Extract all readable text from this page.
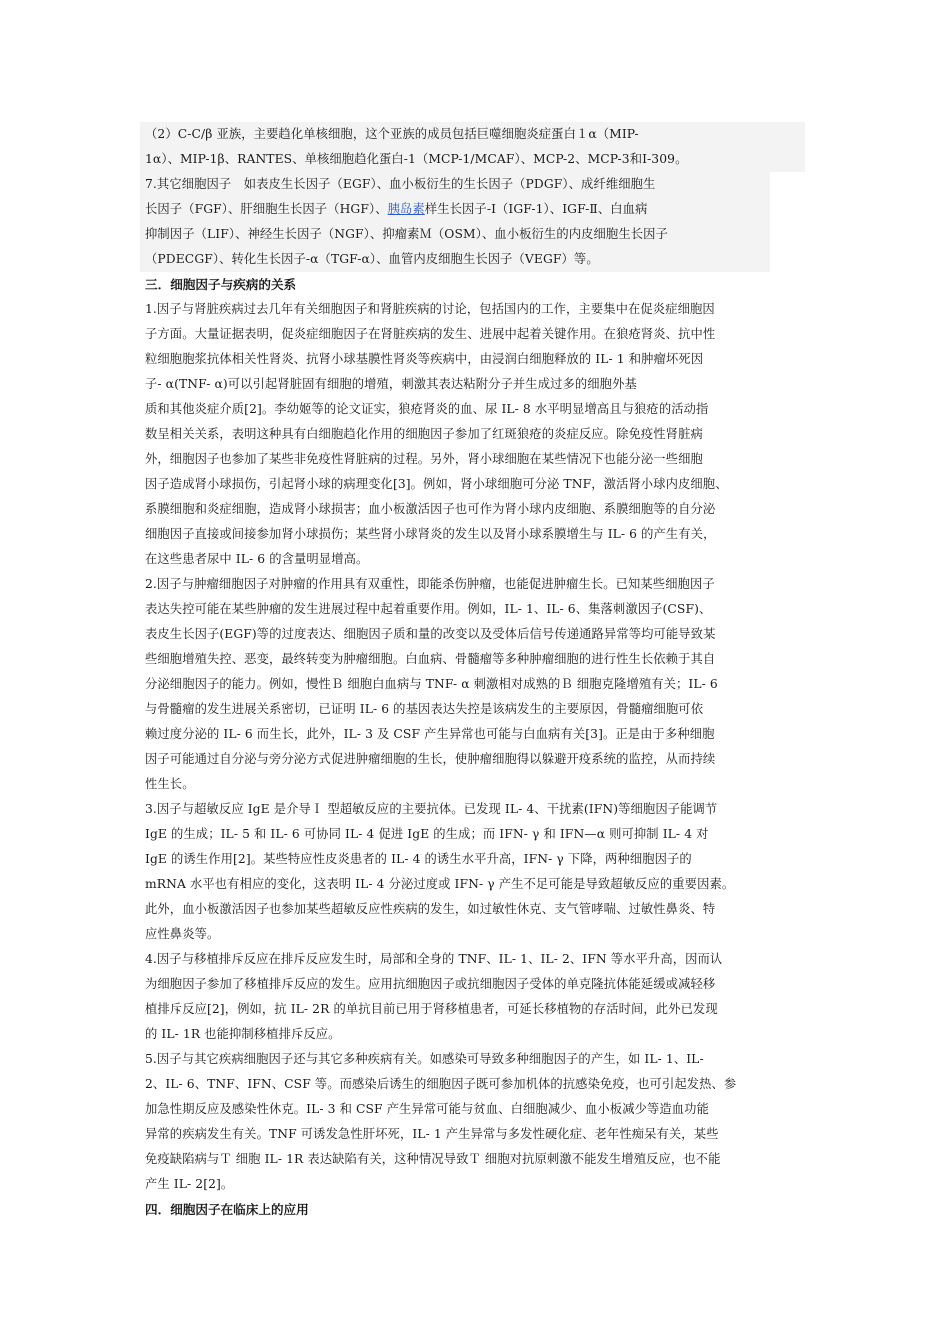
（2）C-C/β 亚族，主要趋化单核细胞，这个亚族的成员包括巨噬细胞炎症蛋白１α（MIP-
1α）、MIP-1β、RANTES、单核细胞趋化蛋白-1（MCP-1/MCAF）、MCP-2、MCP-3和I-309。
7.其它细胞因子　如表皮生长因子（EGF）、血小板衍生的生长因子（PDGF）、成纤维细胞生
长因子（FGF）、肝细胞生长因子（HGF）、胰岛素样生长因子-I（IGF-1）、IGF-Ⅱ、白血病
抑制因子（LIF）、神经生长因子（NGF）、抑瘤素Ｍ（OSM）、血小板衍生的内皮细胞生长因子
（PDECGF）、转化生长因子-α（TGF-α）、血管内皮细胞生长因子（VEGF）等。
三．细胞因子与疾病的关系
1.因子与肾脏疾病过去几年有关细胞因子和肾脏疾病的讨论，包括国内的工作，主要集中在促炎症细胞因
子方面。大量证据表明，促炎症细胞因子在肾脏疾病的发生、进展中起着关键作用。在狼疮肾炎、抗中性
粒细胞胞浆抗体相关性肾炎、抗肾小球基膜性肾炎等疾病中，由浸润白细胞释放的 IL- 1 和肿瘤坏死因
子- α(TNF- α)可以引起肾脏固有细胞的增殖，刺激其表达粘附分子并生成过多的细胞外基
质和其他炎症介质[2]。李幼姬等的论文证实，狼疮肾炎的血、尿 IL- 8 水平明显增高且与狼疮的活动指
数呈相关关系，表明这种具有白细胞趋化作用的细胞因子参加了红斑狼疮的炎症反应。除免疫性肾脏病
外，细胞因子也参加了某些非免疫性肾脏病的过程。另外，肾小球细胞在某些情况下也能分泌一些细胞
因子造成肾小球损伤，引起肾小球的病理变化[3]。例如，肾小球细胞可分泌 TNF，激活肾小球内皮细胞、
系膜细胞和炎症细胞，造成肾小球损害；血小板激活因子也可作为肾小球内皮细胞、系膜细胞等的自分泌
细胞因子直接或间接参加肾小球损伤；某些肾小球肾炎的发生以及肾小球系膜增生与 IL- 6 的产生有关，
在这些患者尿中 IL- 6 的含量明显增高。
2.因子与肿瘤细胞因子对肿瘤的作用具有双重性，即能杀伤肿瘤，也能促进肿瘤生长。已知某些细胞因子
表达失控可能在某些肿瘤的发生进展过程中起着重要作用。例如，IL- 1、IL- 6、集落刺激因子(CSF)、
表皮生长因子(EGF)等的过度表达、细胞因子质和量的改变以及受体后信号传递通路异常等均可能导致某
些细胞增殖失控、恶变，最终转变为肿瘤细胞。白血病、骨髓瘤等多种肿瘤细胞的进行性生长依赖于其自
分泌细胞因子的能力。例如，慢性Ｂ 细胞白血病与 TNF- α 刺激相对成熟的Ｂ 细胞克隆增殖有关；IL- 6
与骨髓瘤的发生进展关系密切，已证明 IL- 6 的基因表达失控是该病发生的主要原因，骨髓瘤细胞可依
赖过度分泌的 IL- 6 而生长，此外，IL- 3 及 CSF 产生异常也可能与白血病有关[3]。正是由于多种细胞
因子可能通过自分泌与旁分泌方式促进肿瘤细胞的生长，使肿瘤细胞得以躲避开疫系统的监控，从而持续
性生长。
3.因子与超敏反应 IgE 是介导Ｉ 型超敏反应的主要抗体。已发现 IL- 4、干扰素(IFN)等细胞因子能调节
IgE 的生成；IL- 5 和 IL- 6 可协同 IL- 4 促进 IgE 的生成；而 IFN- γ 和 IFN—α 则可抑制 IL- 4 对
IgE 的诱生作用[2]。某些特应性皮炎患者的 IL- 4 的诱生水平升高，IFN- γ 下降，两种细胞因子的
mRNA 水平也有相应的变化，这表明 IL- 4 分泌过度或 IFN- γ 产生不足可能是导致超敏反应的重要因素。
此外，血小板激活因子也参加某些超敏反应性疾病的发生，如过敏性休克、支气管哮喘、过敏性鼻炎、特
应性鼻炎等。
4.因子与移植排斥反应在排斥反应发生时，局部和全身的 TNF、IL- 1、IL- 2、IFN 等水平升高，因而认
为细胞因子参加了移植排斥反应的发生。应用抗细胞因子或抗细胞因子受体的单克隆抗体能延缓或减轻移
植排斥反应[2]，例如，抗 IL- 2R 的单抗目前已用于肾移植患者，可延长移植物的存活时间，此外已发现
的 IL- 1R 也能抑制移植排斥反应。
5.因子与其它疾病细胞因子还与其它多种疾病有关。如感染可导致多种细胞因子的产生，如 IL- 1、IL-
2、IL- 6、TNF、IFN、CSF 等。而感染后诱生的细胞因子既可参加机体的抗感染免疫，也可引起发热、参
加急性期反应及感染性休克。IL- 3 和 CSF 产生异常可能与贫血、白细胞减少、血小板减少等造血功能
异常的疾病发生有关。TNF 可诱发急性肝坏死，IL- 1 产生异常与多发性硬化症、老年性痴呆有关，某些
免疫缺陷病与Ｔ 细胞 IL- 1R 表达缺陷有关，这种情况导致Ｔ 细胞对抗原刺激不能发生增殖反应，也不能
产生 IL- 2[2]。
四．细胞因子在临床上的应用
